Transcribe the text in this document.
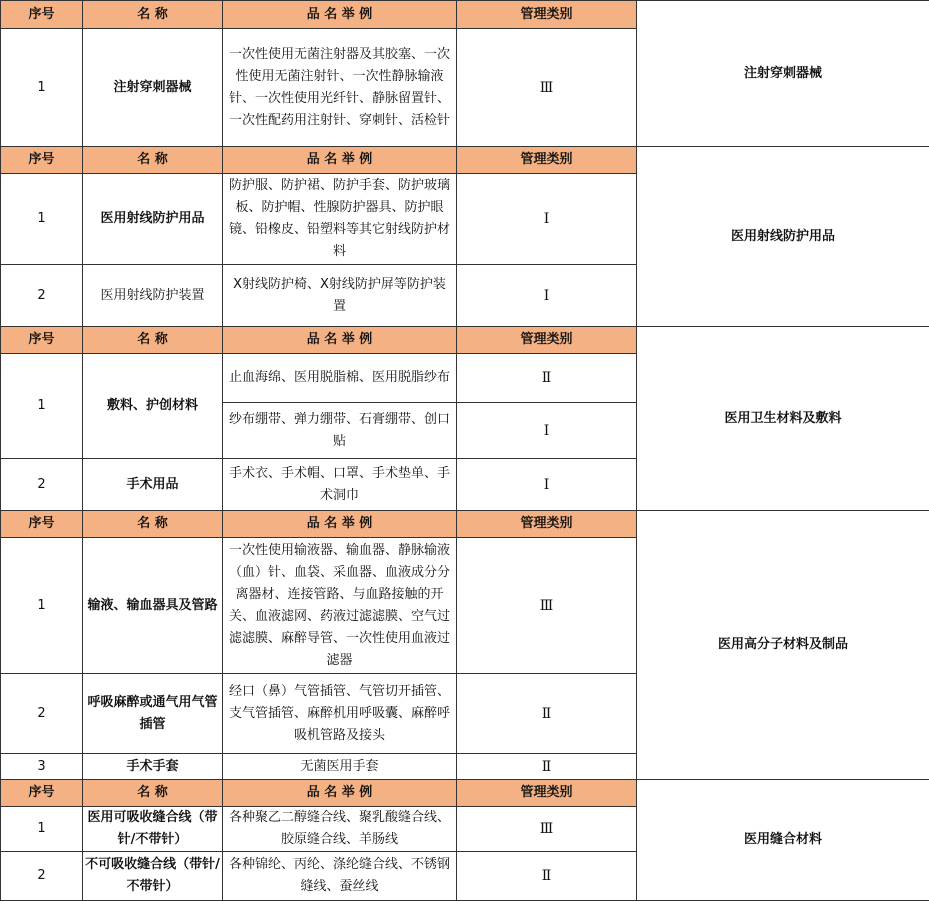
序号	名 称	品 名 举 例	管理类别	注射穿刺器械
1	注射穿刺器械	一次性使用无菌注射器及其胶塞、一次性使用无菌注射针、一次性静脉输液针、一次性使用光纤针、静脉留置针、一次性配药用注射针、穿刺针、活检针	Ⅲ	
序号	名 称	品 名 举 例	管理类别	医用射线防护用品
1	医用射线防护用品	防护服、防护裙、防护手套、防护玻璃板、防护帽、性腺防护器具、防护眼镜、铅橡皮、铅塑料等其它射线防护材料	Ⅰ	
2	医用射线防护装置	X射线防护椅、X射线防护屏等防护装置	Ⅰ	
序号	名 称	品 名 举 例	管理类别	医用卫生材料及敷料
1	敷料、护创材料	止血海绵、医用脱脂棉、医用脱脂纱布	Ⅱ	
		纱布绷带、弹力绷带、石膏绷带、创口贴	Ⅰ	
2	手术用品	手术衣、手术帽、口罩、手术垫单、手术洞巾	Ⅰ	
序号	名 称	品 名 举 例	管理类别	医用高分子材料及制品
1	输液、输血器具及管路	一次性使用输液器、输血器、静脉输液（血）针、血袋、采血器、血液成分分离器材、连接管路、与血路接触的开关、血液滤网、药液过滤滤膜、空气过滤滤膜、麻醉导管、一次性使用血液过滤器	Ⅲ	
2	呼吸麻醉或通气用气管插管	经口（鼻）气管插管、气管切开插管、支气管插管、麻醉机用呼吸囊、麻醉呼吸机管路及接头	Ⅱ	
3	手术手套	无菌医用手套	Ⅱ	
序号	名 称	品 名 举 例	管理类别	医用缝合材料
1	医用可吸收缝合线（带针/不带针）	各种聚乙二醇缝合线、聚乳酸缝合线、胶原缝合线、羊肠线	Ⅲ	
2	不可吸收缝合线（带针/不带针）	各种锦纶、丙纶、涤纶缝合线、不锈钢缝线、蚕丝线	Ⅱ	
